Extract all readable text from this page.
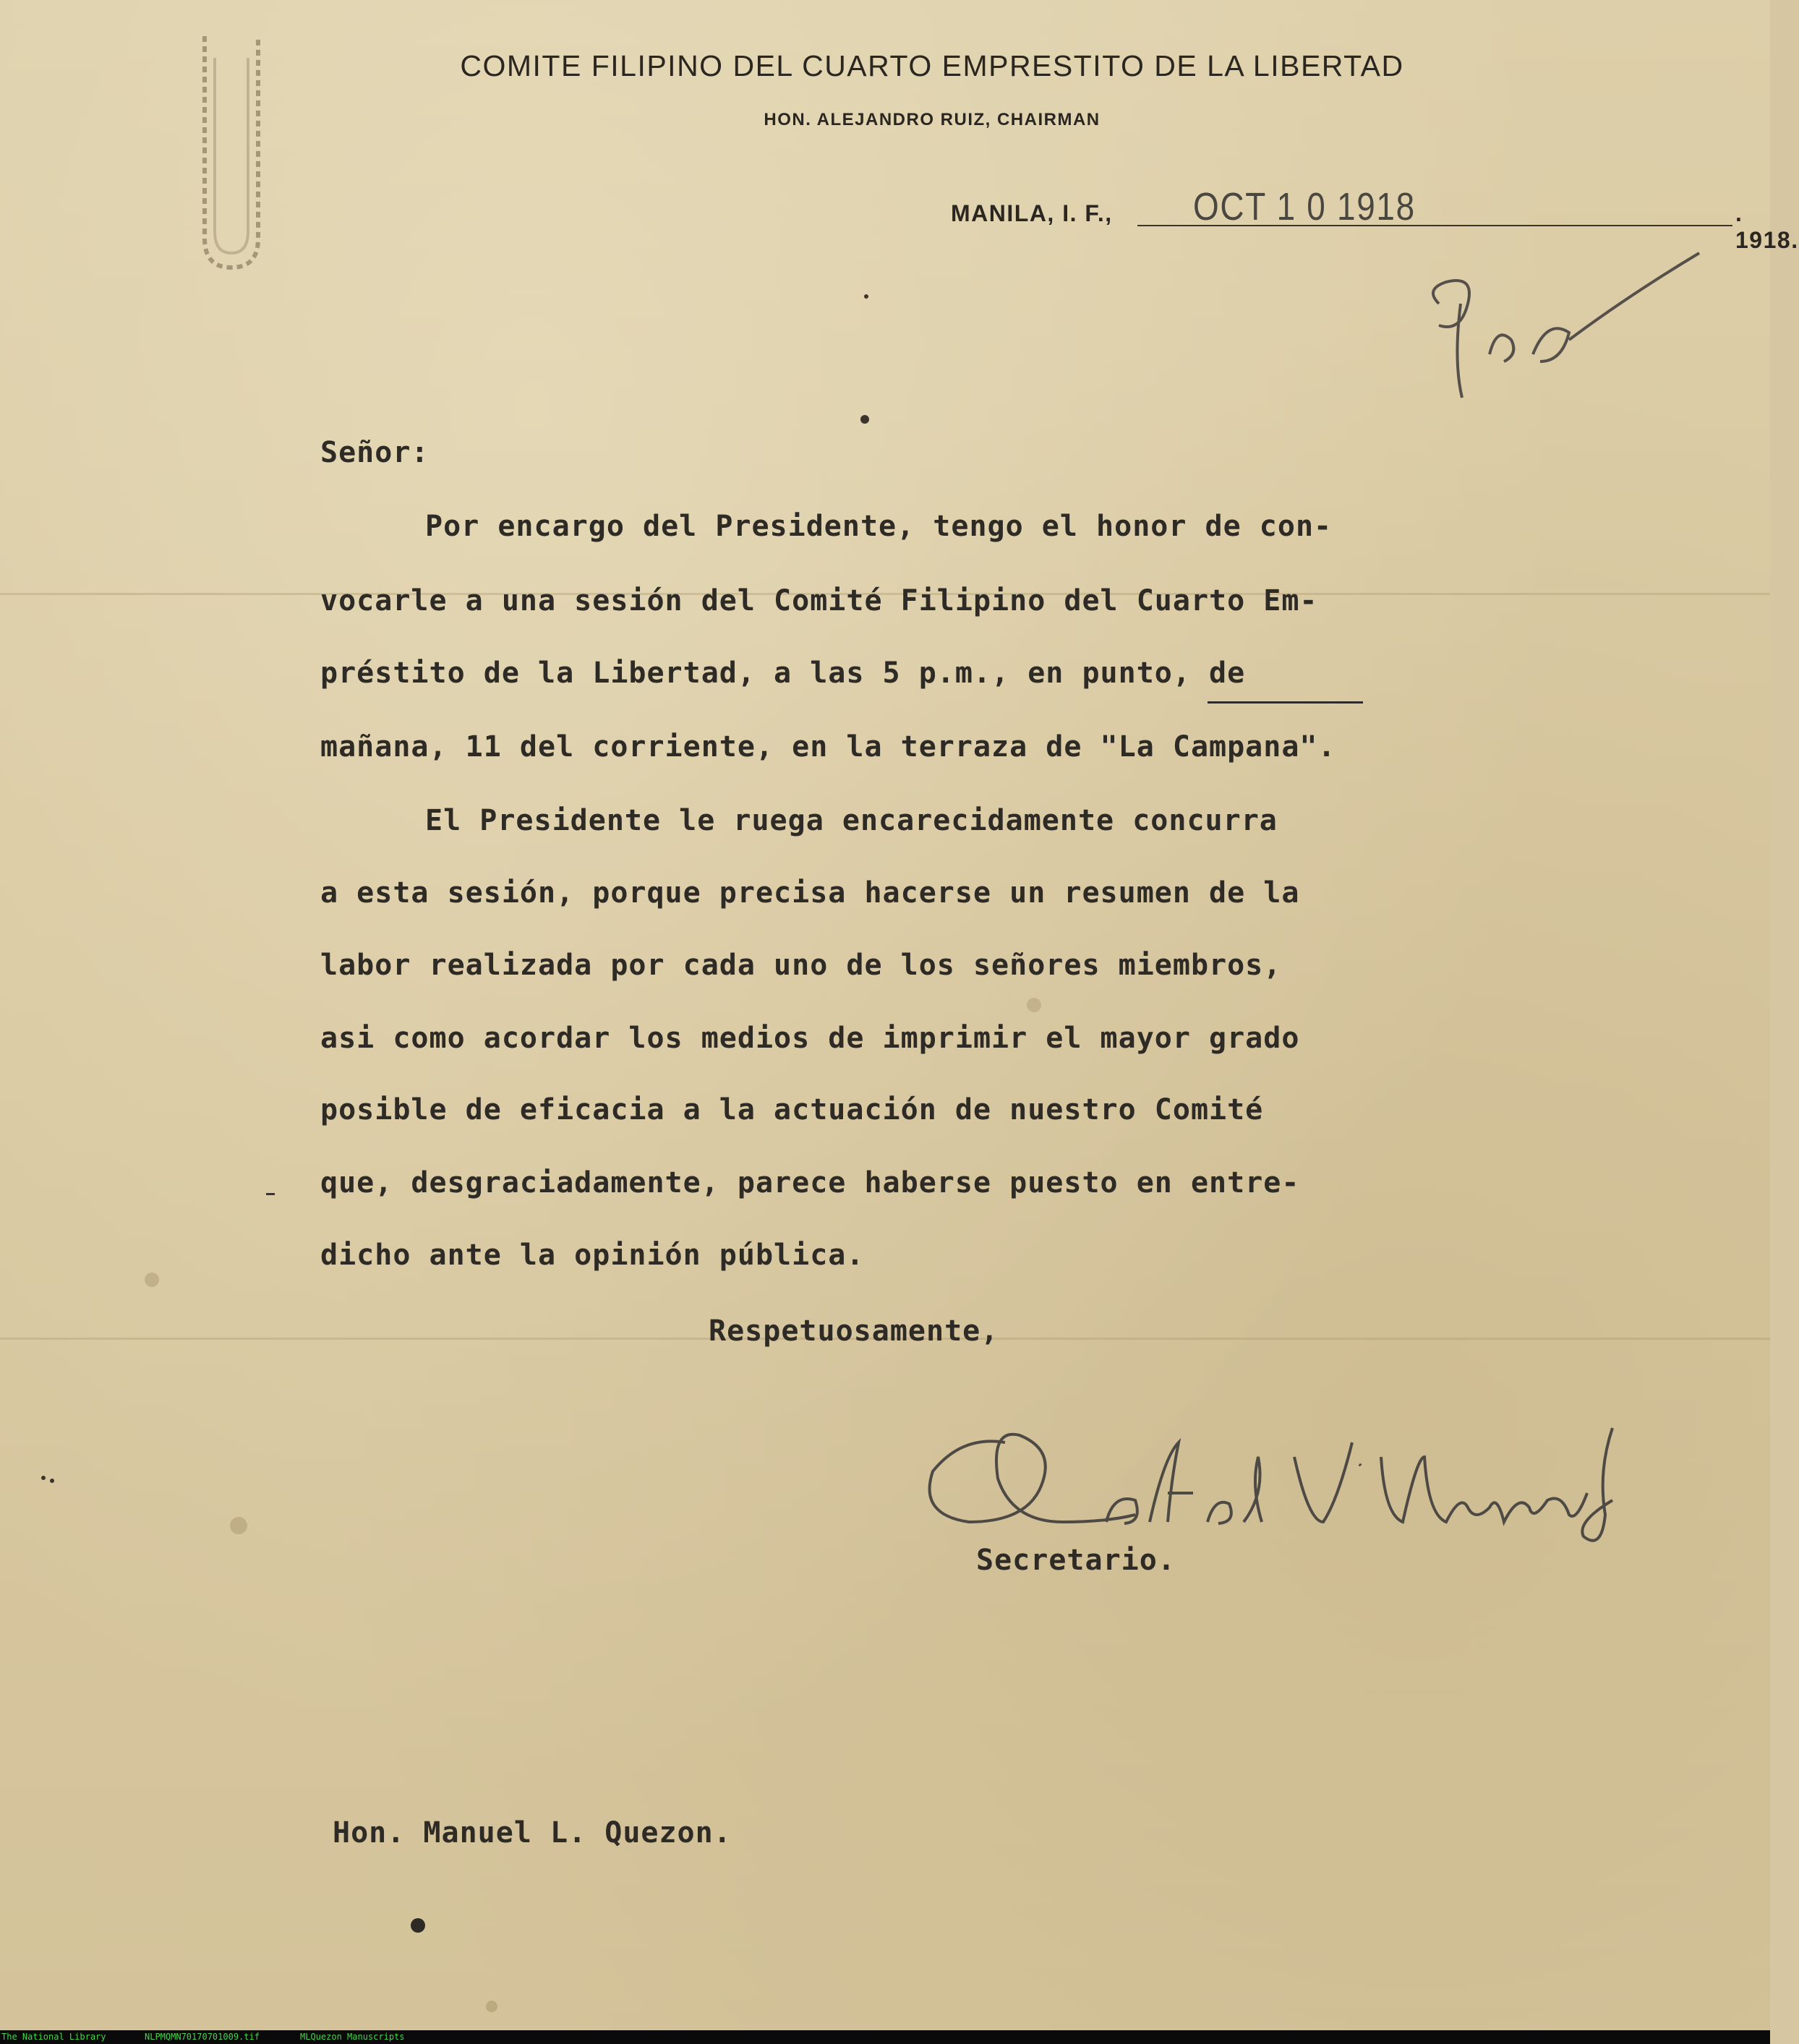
COMITE FILIPINO DEL CUARTO EMPRESTITO DE LA LIBERTAD
HON. ALEJANDRO RUIZ, CHAIRMAN
MANILA, I. F., OCT 1 0 1918	. 1918.
Señor:
Por encargo del Presidente, tengo el honor de con-
vocarle a una sesión del Comité Filipino del Cuarto Em-
préstito de la Libertad, a las 5 p.m., en punto, de
mañana, 11 del corriente, en la terraza de "La Campana".
El Presidente le ruega encarecidamente concurra
a esta sesión, porque precisa hacerse un resumen de la
labor realizada por cada uno de los señores miembros,
asi como acordar los medios de imprimir el mayor grado
posible de eficacia a la actuación de nuestro Comité
que, desgraciadamente, parece haberse puesto en entre-
dicho ante la opinión pública.
Respetuosamente,
Secretario.
Hon. Manuel L. Quezon.
The National Library	NLPMQMN70170701009.tif	MLQuezon Manuscripts
